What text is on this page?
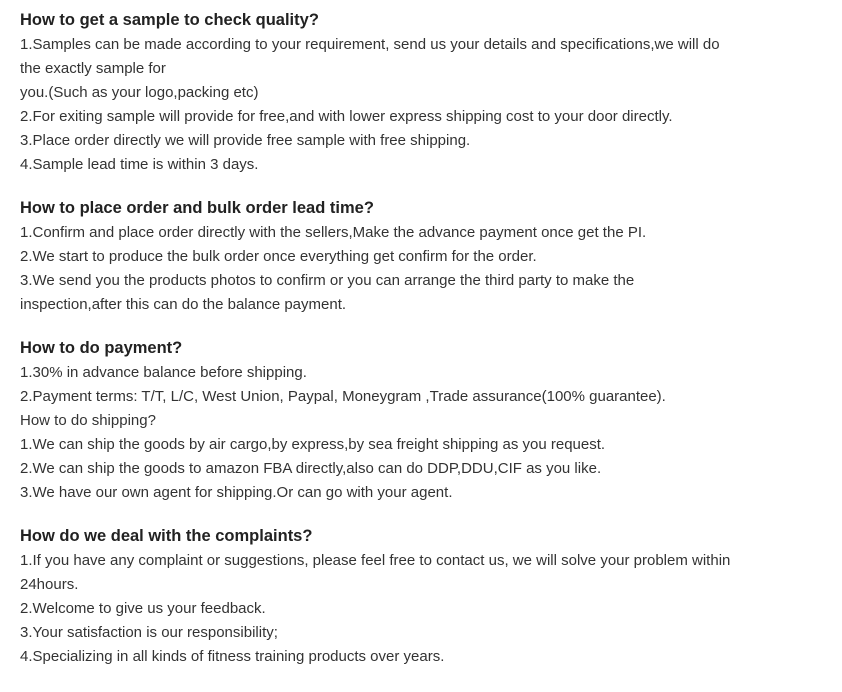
How to get a sample to check quality?
1.Samples can be made according to your requirement, send us your details and specifications,we will do
the exactly sample for
you.(Such as your logo,packing etc)
2.For exiting sample will provide for free,and with lower express shipping cost to your door directly.
3.Place order directly we will provide free sample with free shipping.
4.Sample lead time is within 3 days.
How to place order and bulk order lead time?
1.Confirm and place order directly with the sellers,Make the advance payment once get the PI.
2.We start to produce the bulk order once everything get confirm for the order.
3.We send you the products photos to confirm or you can arrange the third party to make the
inspection,after this can do the balance payment.
How to do payment?
1.30% in advance balance before shipping.
2.Payment terms: T/T, L/C, West Union, Paypal, Moneygram ,Trade assurance(100% guarantee).
How to do shipping?
1.We can ship the goods by air cargo,by express,by sea freight shipping as you request.
2.We can ship the goods to amazon FBA directly,also can do DDP,DDU,CIF as you like.
3.We have our own agent for shipping.Or can go with your agent.
How do we deal with the complaints?
1.If you have any complaint or suggestions, please feel free to contact us, we will solve your problem within
24hours.
2.Welcome to give us your feedback.
3.Your satisfaction is our responsibility;
4.Specializing in all kinds of fitness training products over years.
